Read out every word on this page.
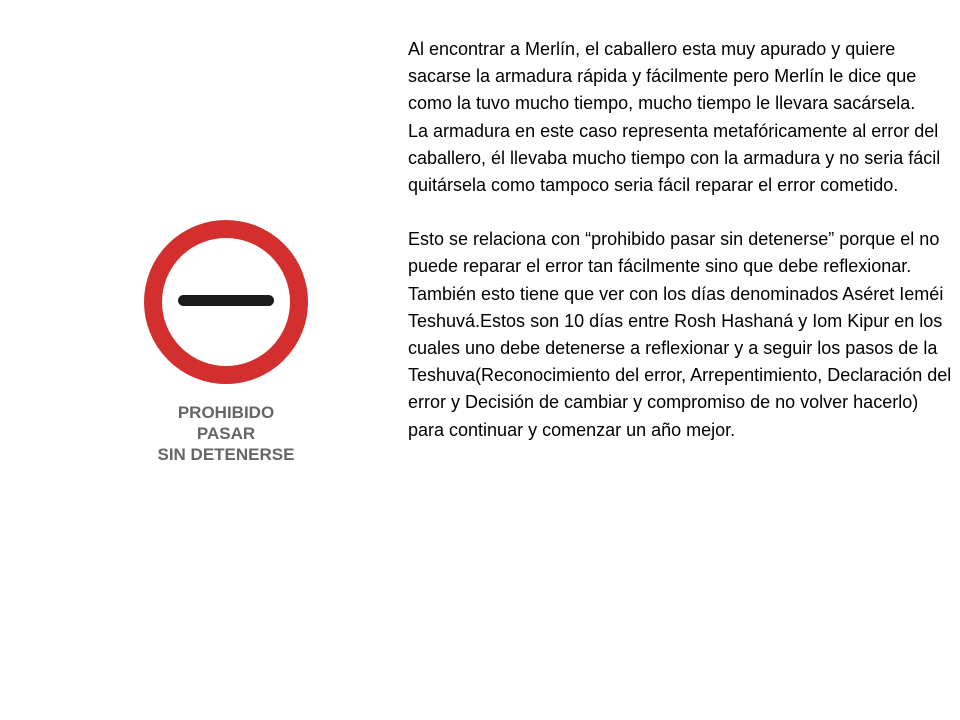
PROHIBIDO
PASAR
SIN DETENERSE

Al encontrar a Merlín, el caballero esta muy apurado y quiere sacarse la armadura rápida y fácilmente pero Merlín le dice que como la tuvo mucho tiempo, mucho tiempo le llevara sacársela.

La armadura en este caso representa metafóricamente al error del caballero, él llevaba mucho tiempo con la armadura y no seria fácil quitársela como tampoco seria fácil reparar el error cometido.

Esto se relaciona con “prohibido pasar sin detenerse” porque el no puede reparar el error tan fácilmente sino que debe reflexionar.

También esto tiene que ver con los días denominados Aséret Ieméi Teshuvá.Estos son 10 días entre Rosh Hashaná y Iom Kipur en los cuales uno debe detenerse a reflexionar y a seguir los pasos de la Teshuva(Reconocimiento del error, Arrepentimiento, Declaración del error y Decisión de cambiar y compromiso de no volver hacerlo) para continuar y comenzar un año mejor.
